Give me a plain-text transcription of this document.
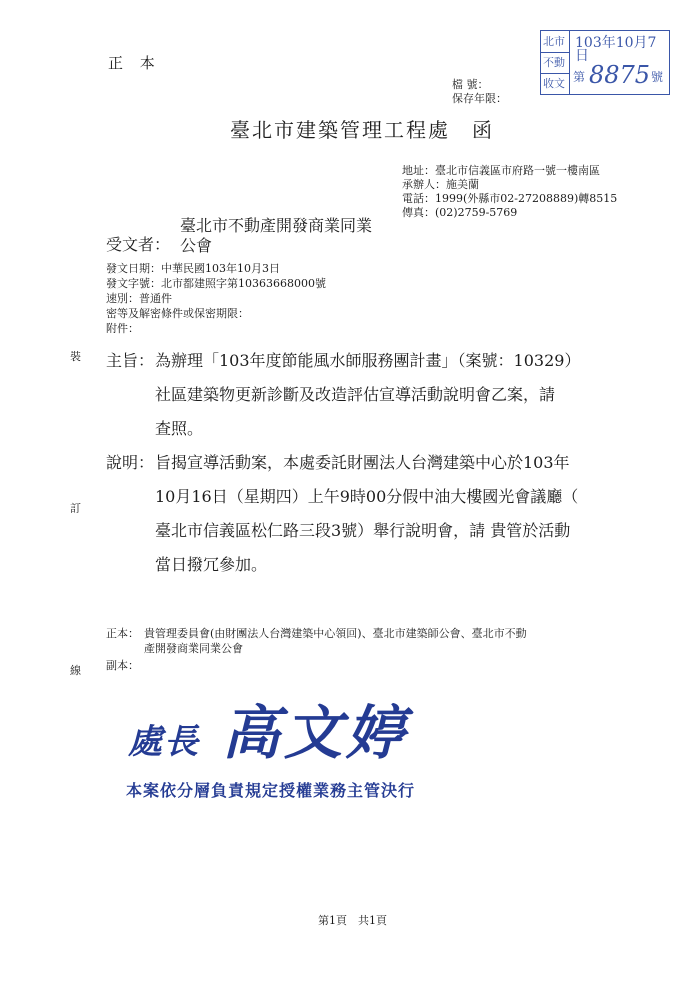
正 本
檔 號：
保存年限：
北市
不動
收文
103年10月7日
第 8875 號
臺北市建築管理工程處　函
地址：臺北市信義區市府路一號一樓南區
承辦人：施美蘭
電話：1999(外縣市02-27208889)轉8515
傳真：(02)2759-5769
受文者：
臺北市不動產開發商業同業
公會
發文日期：中華民國103年10月3日
發文字號：北市都建照字第10363668000號
速別：普通件
密等及解密條件或保密期限：
附件：
裝
訂
線
主旨： 為辦理「103年度節能風水師服務團計畫」（案號：10329）
社區建築物更新診斷及改造評估宣導活動說明會乙案，請
查照。
說明： 旨揭宣導活動案，本處委託財團法人台灣建築中心於103年
10月16日（星期四）上午9時00分假中油大樓國光會議廳（
臺北市信義區松仁路三段3號）舉行說明會，請 貴管於活動
當日撥冗參加。
正本： 貴管理委員會(由財團法人台灣建築中心領回)、臺北市建築師公會、臺北市不動
產開發商業同業公會
副本：
處長 高文婷
本案依分層負責規定授權業務主管決行
第1頁　共1頁
